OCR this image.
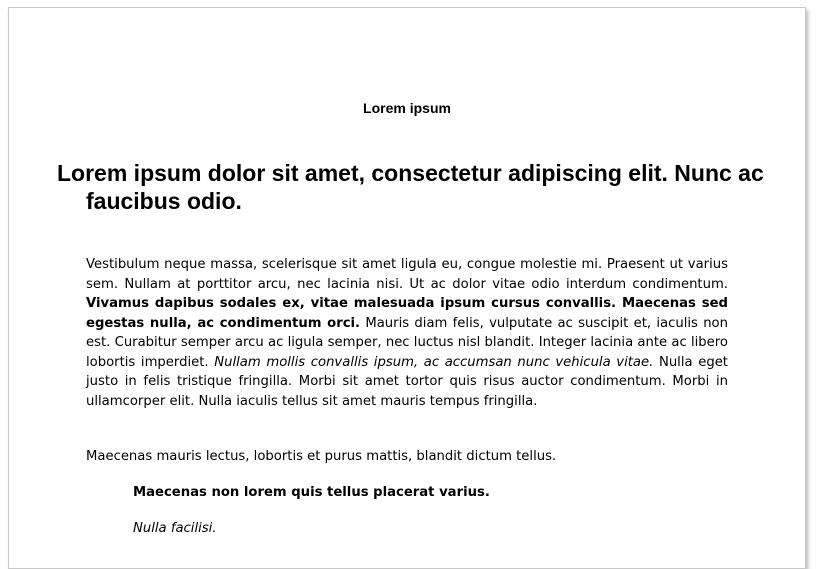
Lorem ipsum
Lorem ipsum dolor sit amet, consectetur adipiscing elit. Nunc ac faucibus odio.

Vestibulum neque massa, scelerisque sit amet ligula eu, congue molestie mi. Praesent ut varius sem. Nullam at porttitor arcu, nec lacinia nisi. Ut ac dolor vitae odio interdum condimentum. Vivamus dapibus sodales ex, vitae malesuada ipsum cursus convallis. Maecenas sed egestas nulla, ac condimentum orci. Mauris diam felis, vulputate ac suscipit et, iaculis non est. Curabitur semper arcu ac ligula semper, nec luctus nisl blandit. Integer lacinia ante ac libero lobortis imperdiet. Nullam mollis convallis ipsum, ac accumsan nunc vehicula vitae. Nulla eget justo in felis tristique fringilla. Morbi sit amet tortor quis risus auctor condimentum. Morbi in ullamcorper elit. Nulla iaculis tellus sit amet mauris tempus fringilla.

Maecenas mauris lectus, lobortis et purus mattis, blandit dictum tellus.

Maecenas non lorem quis tellus placerat varius.
Nulla facilisi.
